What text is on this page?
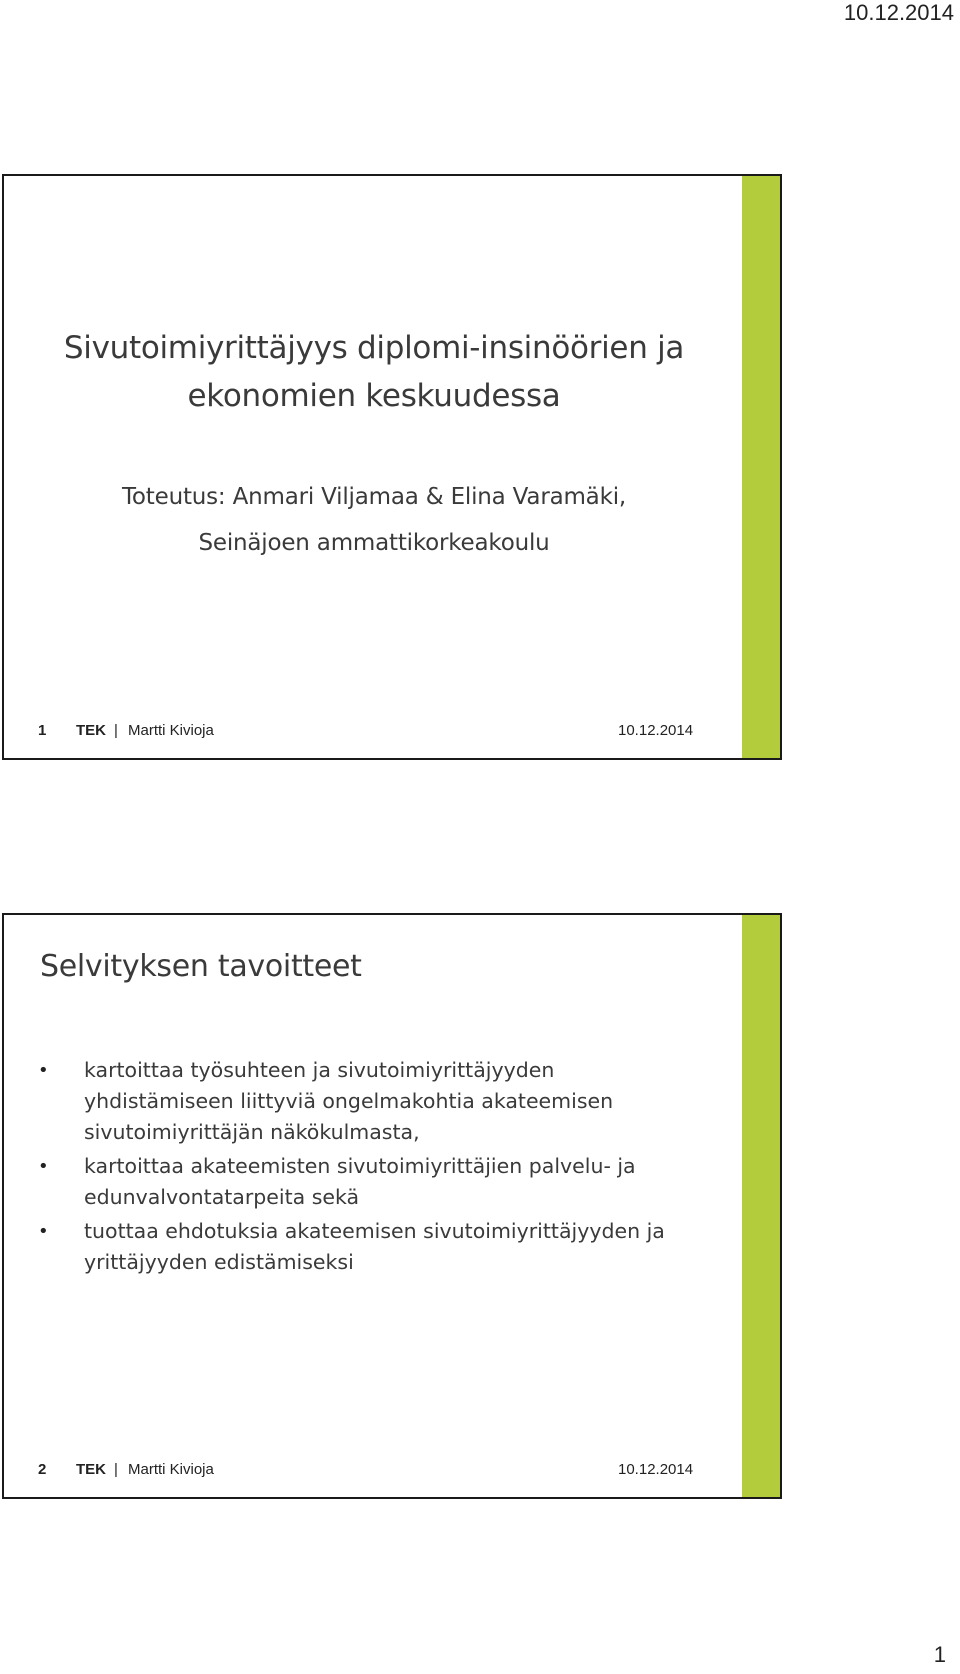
10.12.2014
Sivutoimiyrittäjyys diplomi-insinöörien ja ekonomien keskuudessa
Toteutus: Anmari Viljamaa & Elina Varamäki,
Seinäjoen ammattikorkeakoulu
1 TEK | Martti Kivioja	10.12.2014
Selvityksen tavoitteet
• kartoittaa työsuhteen ja sivutoimiyrittäjyyden yhdistämiseen liittyviä ongelmakohtia akateemisen sivutoimiyrittäjän näkökulmasta,
• kartoittaa akateemisten sivutoimiyrittäjien palvelu- ja edunvalvontatarpeita sekä
• tuottaa ehdotuksia akateemisen sivutoimiyrittäjyyden ja yrittäjyyden edistämiseksi
2 TEK | Martti Kivioja	10.12.2014
1
